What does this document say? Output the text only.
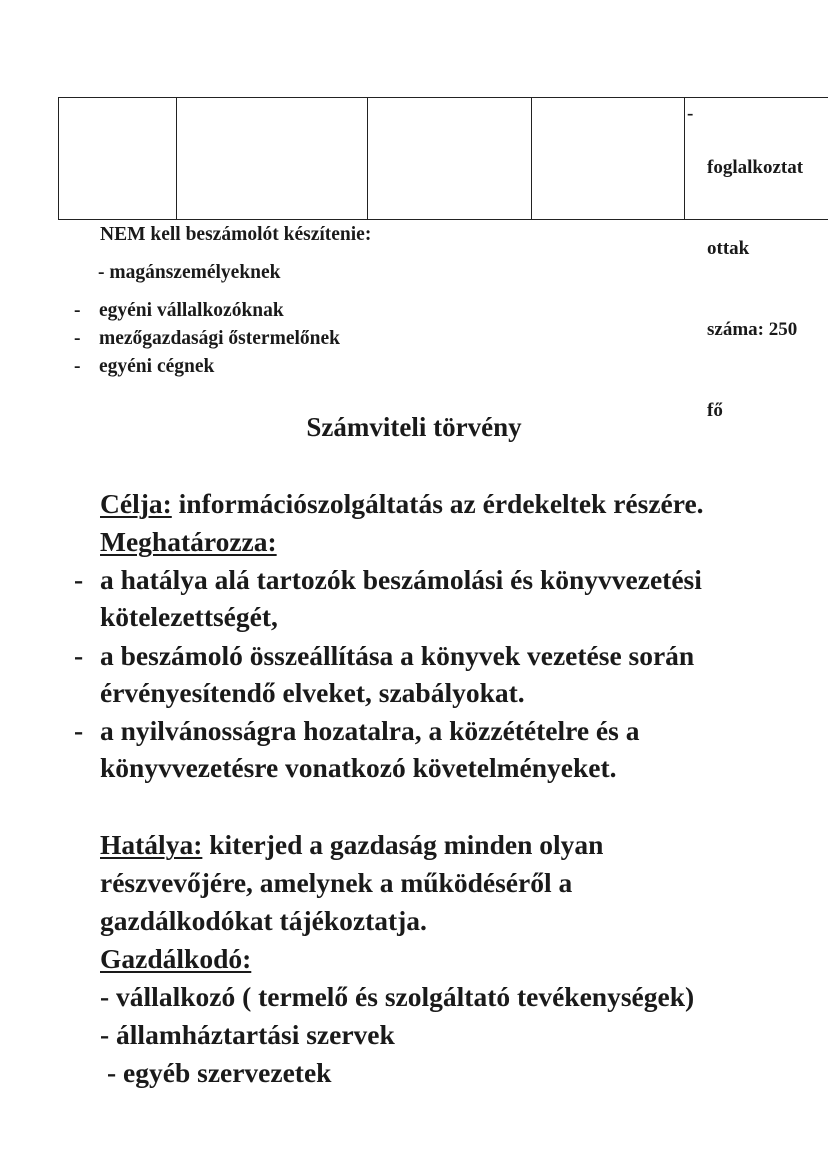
-

foglalkoztat

ottak

száma: 250

fő

NEM kell beszámolót készítenie:
- magánszemélyeknek
- egyéni vállalkozóknak
- mezőgazdasági őstermelőnek
- egyéni cégnek
Számviteli törvény
Célja: információszolgáltatás az érdekeltek részére.
Meghatározza:
- a hatálya alá tartozók beszámolási és könyvvezetési
kötelezettségét,
- a beszámoló összeállítása a könyvek vezetése során
érvényesítendő elveket, szabályokat.
- a nyilvánosságra hozatalra, a közzétételre és a
könyvvezetésre vonatkozó követelményeket.
Hatálya: kiterjed a gazdaság minden olyan
részvevőjére, amelynek a működéséről a
gazdálkodókat tájékoztatja.
Gazdálkodó:
- vállalkozó ( termelő és szolgáltató tevékenységek)
- államháztartási szervek
- egyéb szervezetek
